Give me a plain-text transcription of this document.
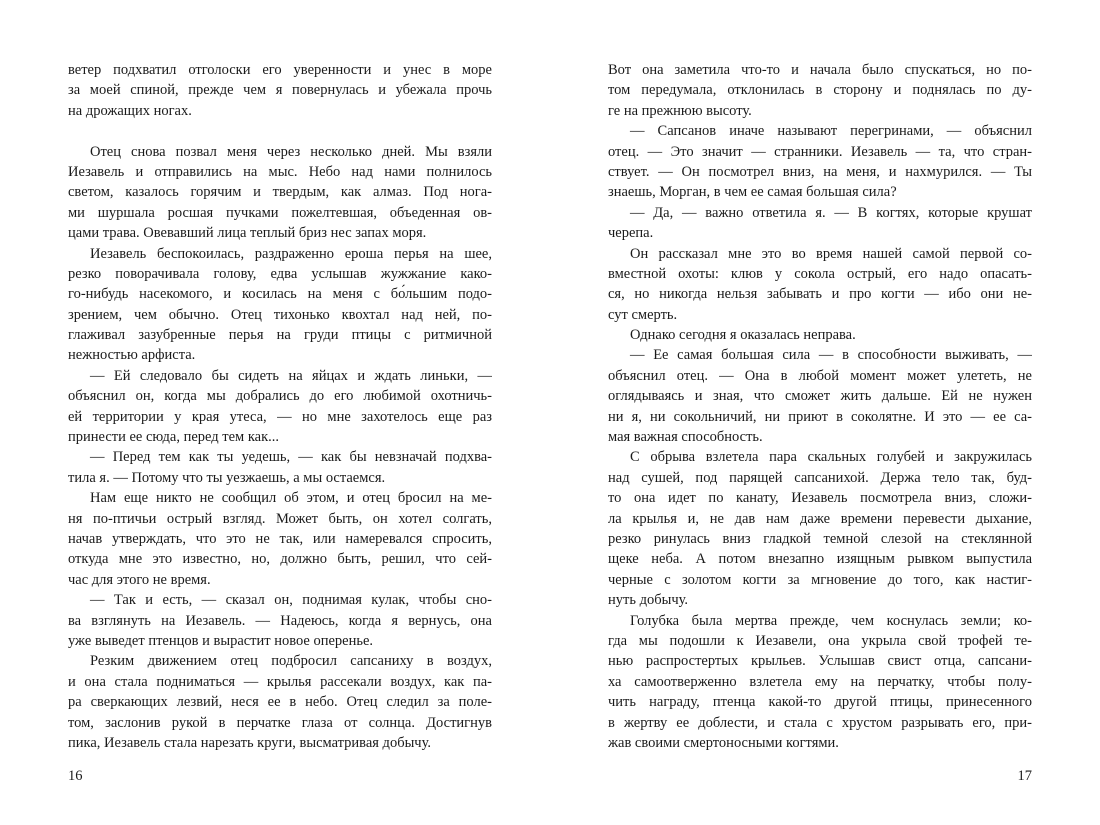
ветер подхватил отголоски его уверенности и унес в море
за моей спиной, прежде чем я повернулась и убежала прочь
на дрожащих ногах.
Отец снова позвал меня через несколько дней. Мы взяли
Иезавель и отправились на мыс. Небо над нами полнилось
светом, казалось горячим и твердым, как алмаз. Под нога-
ми шуршала росшая пучками пожелтевшая, объеденная ов-
цами трава. Овевавший лица теплый бриз нес запах моря.
Иезавель беспокоилась, раздраженно ероша перья на шее,
резко поворачивала голову, едва услышав жужжание како-
го-нибудь насекомого, и косилась на меня с бо́льшим подо-
зрением, чем обычно. Отец тихонько квохтал над ней, по-
глаживал зазубренные перья на груди птицы с ритмичной
нежностью арфиста.
— Ей следовало бы сидеть на яйцах и ждать линьки, —
объяснил он, когда мы добрались до его любимой охотничь-
ей территории у края утеса, — но мне захотелось еще раз
принести ее сюда, перед тем как...
— Перед тем как ты уедешь, — как бы невзначай подхва-
тила я. — Потому что ты уезжаешь, а мы остаемся.
Нам еще никто не сообщил об этом, и отец бросил на ме-
ня по-птичьи острый взгляд. Может быть, он хотел солгать,
начав утверждать, что это не так, или намеревался спросить,
откуда мне это известно, но, должно быть, решил, что сей-
час для этого не время.
— Так и есть, — сказал он, поднимая кулак, чтобы сно-
ва взглянуть на Иезавель. — Надеюсь, когда я вернусь, она
уже выведет птенцов и вырастит новое оперенье.
Резким движением отец подбросил сапсаниху в воздух,
и она стала подниматься — крылья рассекали воздух, как па-
ра сверкающих лезвий, неся ее в небо. Отец следил за поле-
том, заслонив рукой в перчатке глаза от солнца. Достигнув
пика, Иезавель стала нарезать круги, высматривая добычу.
Вот она заметила что-то и начала было спускаться, но по-
том передумала, отклонилась в сторону и поднялась по ду-
ге на прежнюю высоту.
— Сапсанов иначе называют перегринами, — объяснил
отец. — Это значит — странники. Иезавель — та, что стран-
ствует. — Он посмотрел вниз, на меня, и нахмурился. — Ты
знаешь, Морган, в чем ее самая большая сила?
— Да, — важно ответила я. — В когтях, которые крушат
черепа.
Он рассказал мне это во время нашей самой первой со-
вместной охоты: клюв у сокола острый, его надо опасать-
ся, но никогда нельзя забывать и про когти — ибо они не-
сут смерть.
Однако сегодня я оказалась неправа.
— Ее самая большая сила — в способности выживать, —
объяснил отец. — Она в любой момент может улететь, не
оглядываясь и зная, что сможет жить дальше. Ей не нужен
ни я, ни сокольничий, ни приют в соколятне. И это — ее са-
мая важная способность.
С обрыва взлетела пара скальных голубей и закружилась
над сушей, под парящей сапсанихой. Держа тело так, буд-
то она идет по канату, Иезавель посмотрела вниз, сложи-
ла крылья и, не дав нам даже времени перевести дыхание,
резко ринулась вниз гладкой темной слезой на стеклянной
щеке неба. А потом внезапно изящным рывком выпустила
черные с золотом когти за мгновение до того, как настиг-
нуть добычу.
Голубка была мертва прежде, чем коснулась земли; ко-
гда мы подошли к Иезавели, она укрыла свой трофей те-
нью распростертых крыльев. Услышав свист отца, сапсани-
ха самоотверженно взлетела ему на перчатку, чтобы полу-
чить награду, птенца какой-то другой птицы, принесенного
в жертву ее доблести, и стала с хрустом разрывать его, при-
жав своими смертоносными когтями.
16	17
